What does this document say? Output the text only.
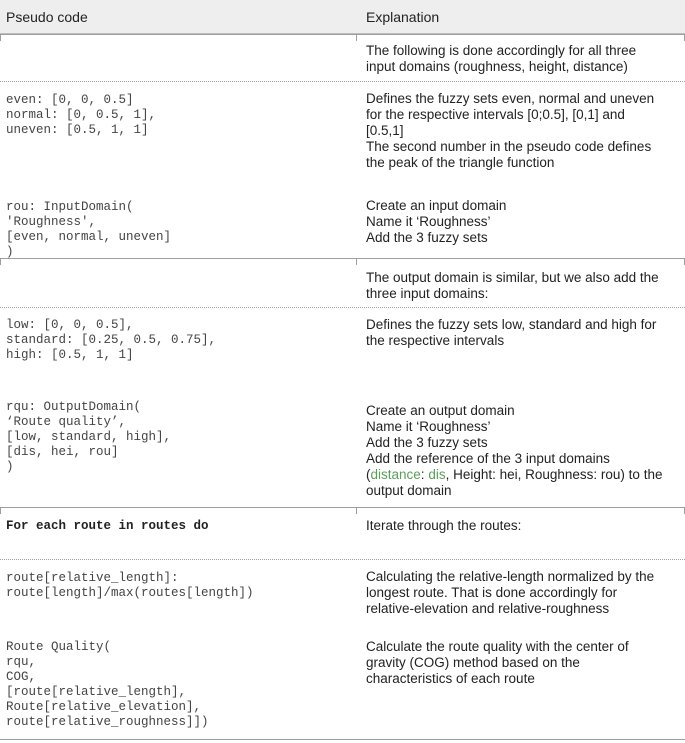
Pseudo code	Explanation
The following is done accordingly for all three
input domains (roughness, height, distance)
even: [0, 0, 0.5]
normal: [0, 0.5, 1],
uneven: [0.5, 1, 1]
Defines the fuzzy sets even, normal and uneven
for the respective intervals [0;0.5], [0,1] and
[0.5,1]
The second number in the pseudo code defines
the peak of the triangle function
rou: InputDomain(
'Roughness',
[even, normal, uneven]
)
Create an input domain
Name it ‘Roughness’
Add the 3 fuzzy sets
The output domain is similar, but we also add the
three input domains:
low: [0, 0, 0.5],
standard: [0.25, 0.5, 0.75],
high: [0.5, 1, 1]
Defines the fuzzy sets low, standard and high for
the respective intervals
rqu: OutputDomain(
‘Route quality’,
[low, standard, high],
[dis, hei, rou]
)
Create an output domain
Name it ‘Roughness’
Add the 3 fuzzy sets
Add the reference of the 3 input domains
(distance: dis, Height: hei, Roughness: rou) to the
output domain
For each route in routes do	Iterate through the routes:
route[relative_length]:
route[length]/max(routes[length])
Calculating the relative-length normalized by the
longest route. That is done accordingly for
relative-elevation and relative-roughness
Route Quality(
rqu,
COG,
[route[relative_length],
Route[relative_elevation],
route[relative_roughness]])
Calculate the route quality with the center of
gravity (COG) method based on the
characteristics of each route
